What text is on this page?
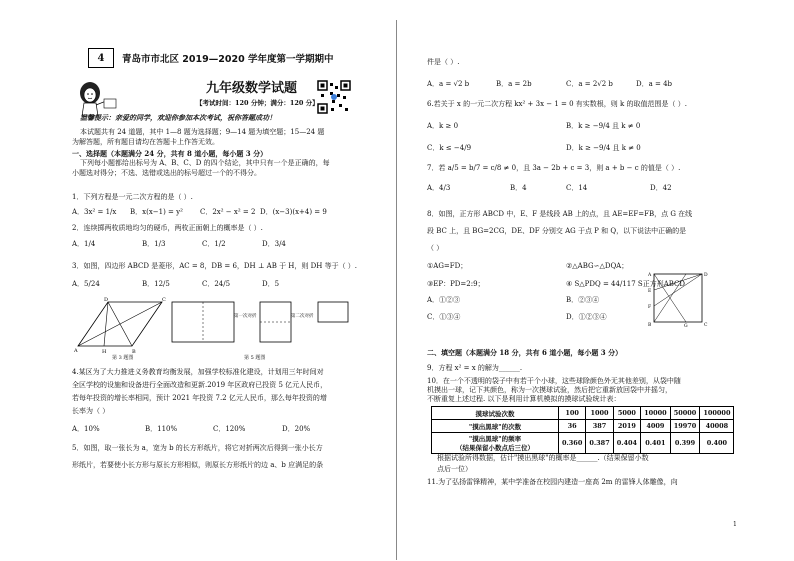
4	青岛市市北区 2019—2020 学年度第一学期期中
九年级数学试题
【考试时间：120 分钟；满分：120 分】
温馨提示：亲爱的同学，欢迎你参加本次考试，祝你答题成功！
本试题共有 24 道题，其中 1—8 题为选择题；9—14 题为填空题；15—24 题
为解答题，所有题目请均在答题卡上作答无效。
一、选择题（本题满分 24 分，共有 8 道小题，每小题 3 分）
下列每小题都给出标号为 A、B、C、D 的四个结论，其中只有一个是正确的，每
小题选对得分；不选、选错或选出的标号超过一个的不得分。
1．下列方程是一元二次方程的是（ ）.
A．3x² = 1/x B．x(x−1) = y² C．2x² − x² = 2 D．(x−3)(x+4) = 9
2．连续掷两枚质地均匀的硬币，两枚正面朝上的概率是（ ）.
A．1/4	B．1/3	C．1/2	D．3/4
3．如图，四边形 ABCD 是菱形，AC = 8，DB = 6，DH ⊥ AB 于 H，则 DH 等于（ ）.
A．5/24	B．12/5	C．24/5	D．5
D
A	H	B
C
第 3 题图
第一次对折	第二次对折
第 5 题图
4.某区为了大力推进义务教育均衡发展，加强学校标准化建设，计划用三年时间对
全区学校的设施和设备进行全面改造和更新.2019 年区政府已投资 5 亿元人民币，
若每年投资的增长率相同，预计 2021 年投资 7.2 亿元人民币，那么每年投资的增
长率为（ ）
A．10%	B．110%	C．120%	D．20%
5．如图，取一张长为 a，宽为 b 的长方形纸片，将它对折两次后得到一张小长方
形纸片，若要使小长方形与原长方形相似，则原长方形纸片的边 a、b 应满足的条
件是（ ）.
A．a = √2 b	B．a = 2b	C．a = 2√2 b	D．a = 4b
6.若关于 x 的一元二次方程 kx² + 3x − 1 = 0 有实数根，则 k 的取值范围是（ ）.
A．k ≥ 0	B．k ≥ −9/4 且 k ≠ 0
C．k ≤ −4/9	D．k ≥ −9/4 且 k ≠ 0
7．若 a/5 = b/7 = c/8 ≠ 0，且 3a − 2b + c = 3，则 a + b − c 的值是（ ）.
A．4/3	B．4	C．14	D．42
8．如图，正方形 ABCD 中，E、F 是线段 AB 上的点，且 AE=EF=FB，点 G 在线
段 BC 上，且 BG=2CG，DE、DF 分别交 AG 于点 P 和 Q，以下说法中正确的是
（ ）
①AG=FD；	②△ABG∽△DQA；
③EP：PD=2:9；	④ S△PDQ = 44/117 S正方形ABCD
A．①②③	B．②③④
C．①③④	D．①②③④
A	D
E
F
B	G	C
二、填空题（本题满分 18 分，共有 6 道小题，每小题 3 分）
9．方程 x² = x 的解为______.
10．在一个不透明的袋子中有若干个小球，这些球除颜色外无其他差别，从袋中随
机摸出一球，记下其颜色，称为一次摸球试验，然后把它重新放回袋中并摇匀，
不断重复上述过程. 以下是利用计算机模拟的摸球试验统计表：
摸球试验次数	100	1000	5000	10000	50000	100000
"摸出黑球"的次数	36	387	2019	4009	19970	40008

"摸出黑球"的频率
（结果保留小数点后三位）	0.360	0.387	0.404	0.401	0.399	0.400
根据试验所得数据，估计"摸出黑球"的概率是______.（结果保留小数
点后一位）
11.为了弘扬雷锋精神，某中学准备在校园内建造一座高 2m 的雷锋人体雕像，向
1
